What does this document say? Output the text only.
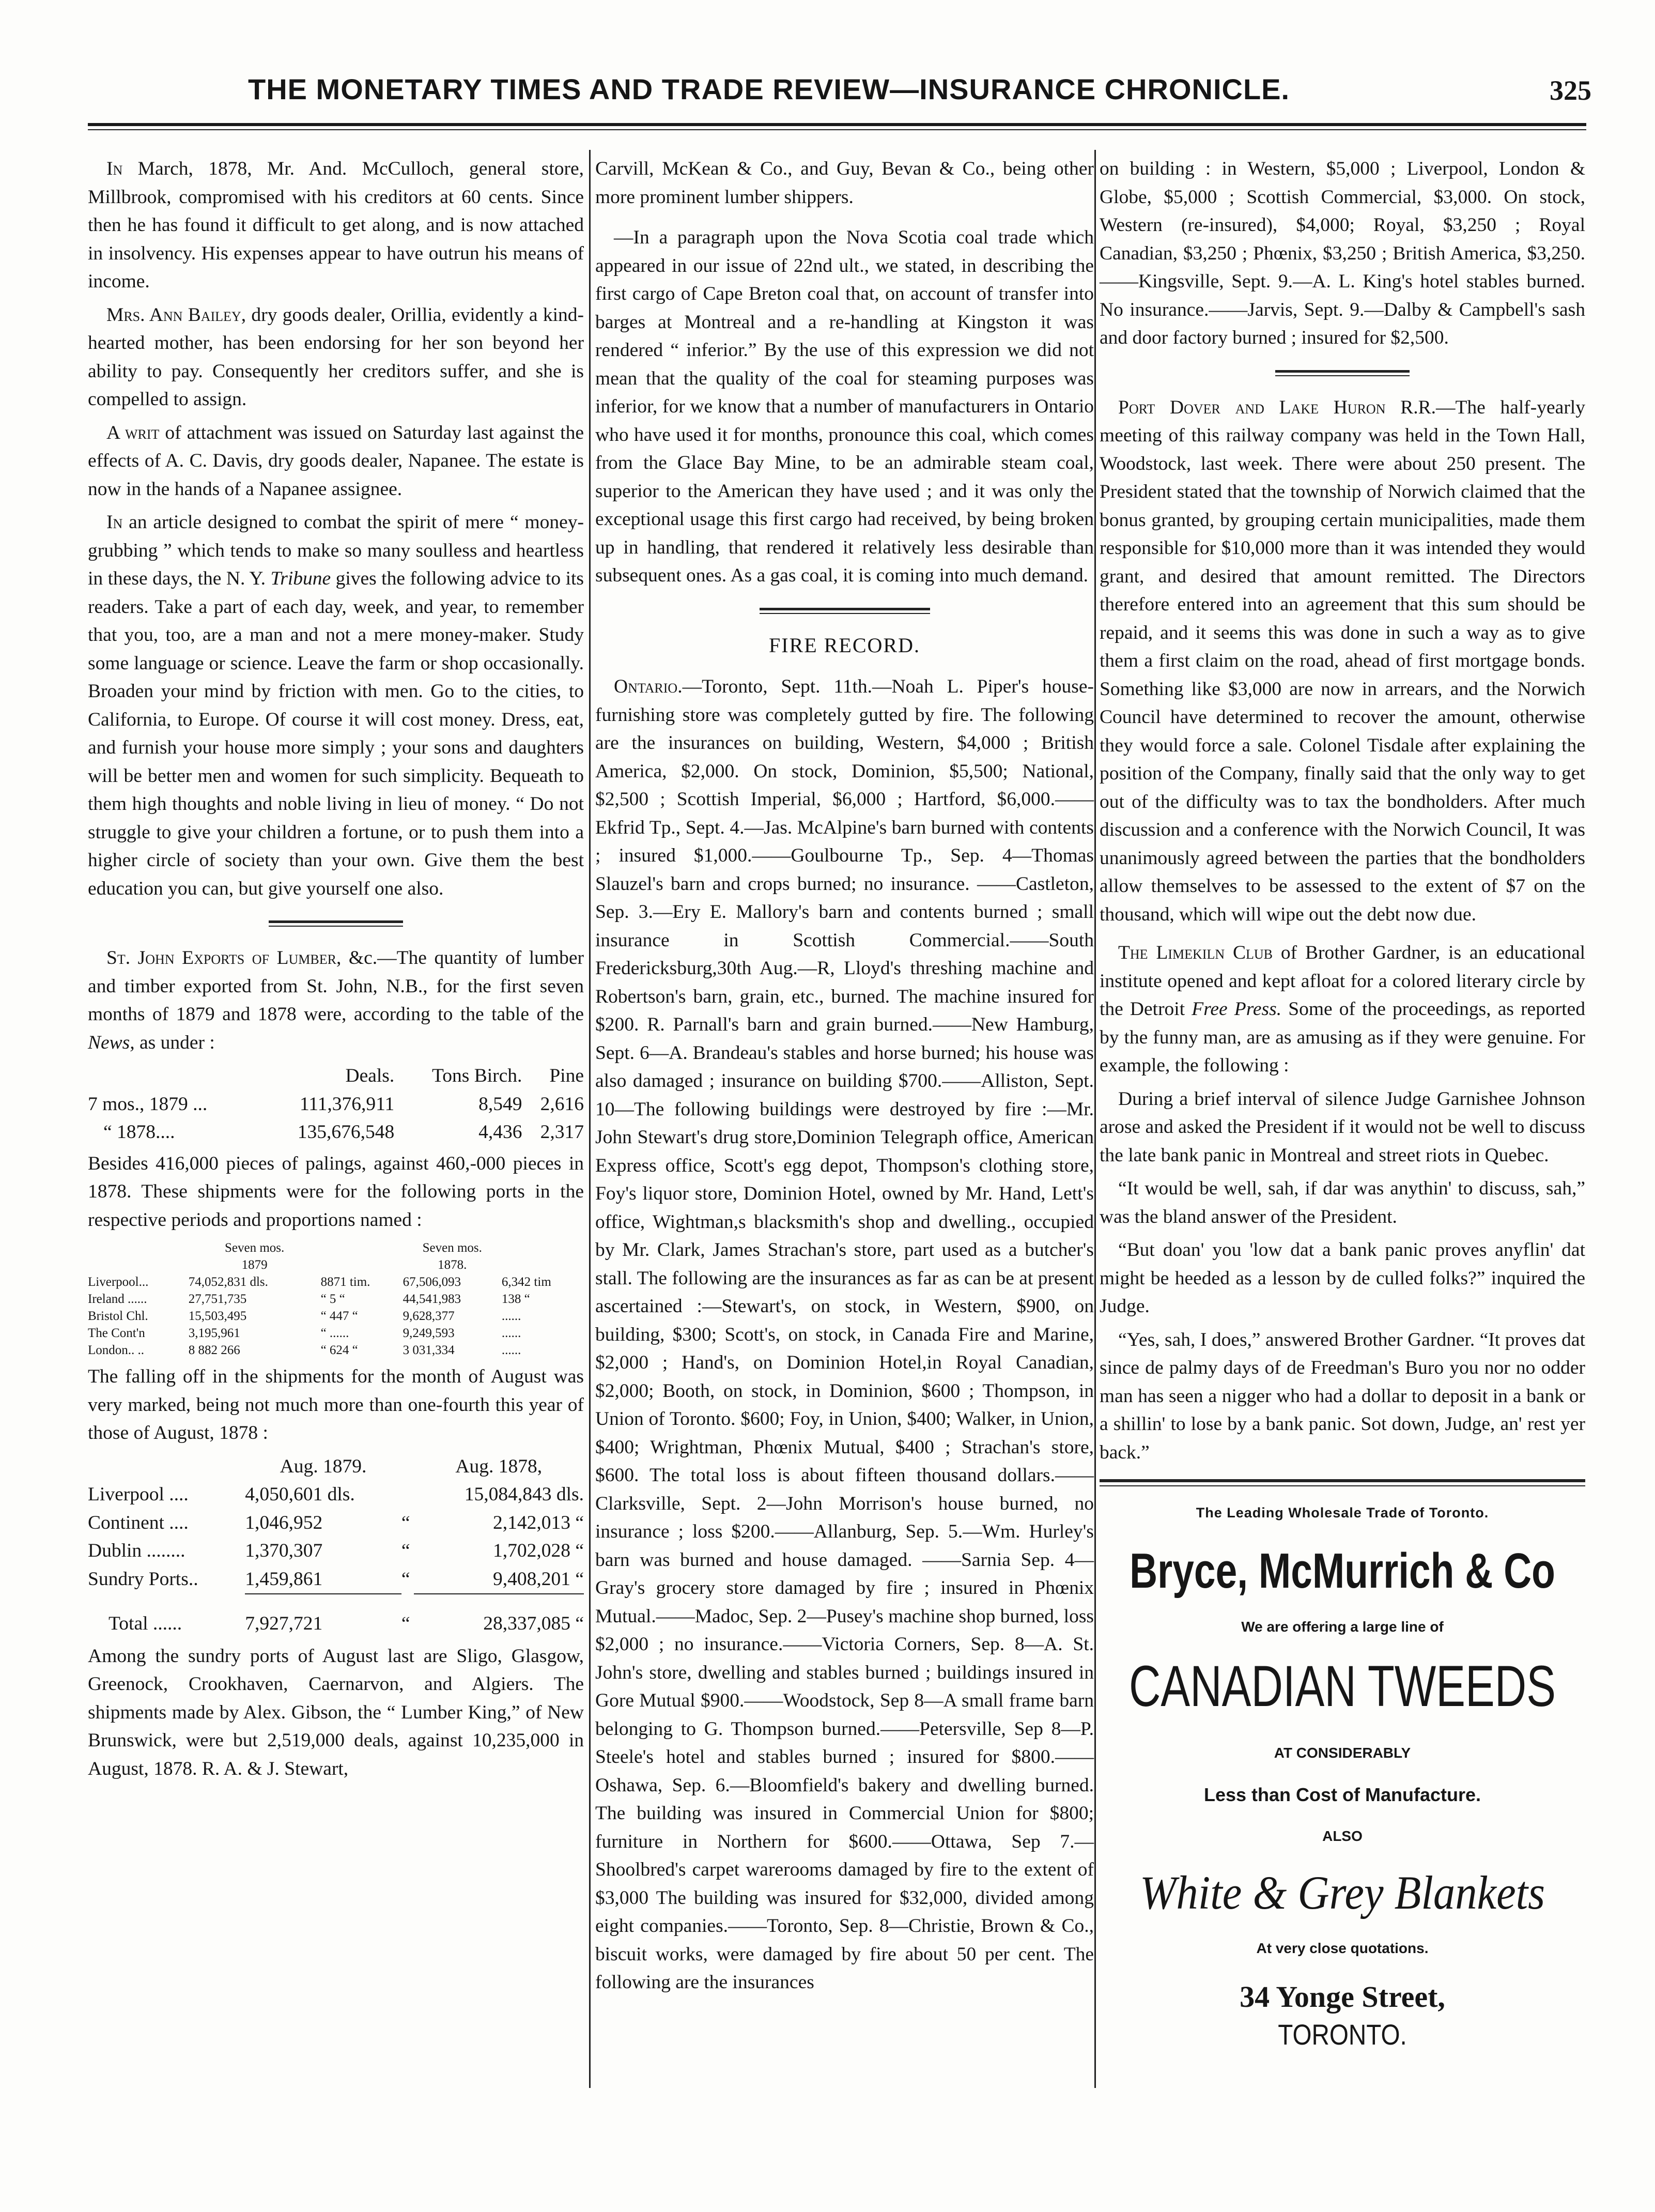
THE MONETARY TIMES AND TRADE REVIEW—INSURANCE CHRONICLE.	325

In March, 1878, Mr. And. McCulloch, general store, Millbrook, compromised with his creditors at 60 cents. Since then he has found it difficult to get along, and is now attached in insolvency. His expenses appear to have outrun his means of income.

Mrs. Ann Bailey, dry goods dealer, Orillia, evidently a kind-hearted mother, has been endorsing for her son beyond her ability to pay. Consequently her creditors suffer, and she is compelled to assign.

A writ of attachment was issued on Saturday last against the effects of A. C. Davis, dry goods dealer, Napanee. The estate is now in the hands of a Napanee assignee.

In an article designed to combat the spirit of mere “ money-grubbing ” which tends to make so many soulless and heartless in these days, the N. Y. Tribune gives the following advice to its readers. Take a part of each day, week, and year, to remember that you, too, are a man and not a mere money-maker. Study some language or science. Leave the farm or shop occasionally. Broaden your mind by friction with men. Go to the cities, to California, to Europe. Of course it will cost money. Dress, eat, and furnish your house more simply ; your sons and daughters will be better men and women for such simplicity. Bequeath to them high thoughts and noble living in lieu of money. “ Do not struggle to give your children a fortune, or to push them into a higher circle of society than your own. Give them the best education you can, but give yourself one also.

St. John Exports of Lumber, &c.—The quantity of lumber and timber exported from St. John, N.B., for the first seven months of 1879 and 1878 were, according to the table of the News, as under :

	Deals.	Tons Birch.	Pine
7 mos., 1879 ...	111,376,911	8,549	2,616
“ 1878....	135,676,548	4,436	2,317

Besides 416,000 pieces of palings, against 460,-000 pieces in 1878. These shipments were for the following ports in the respective periods and proportions named :

	Seven mos.		Seven mos.	
	1879		1878.	
Liverpool...	74,052,831 dls.	8871 tim.	67,506,093	6,342 tim
Ireland ......	27,751,735	“ 5 “	44,541,983	138 “
Bristol Chl.	15,503,495	“ 447 “	9,628,377	......
The Cont'n	3,195,961	“ ......	9,249,593	......
London.. ..	8 882 266	“ 624 “	3 031,334	......

The falling off in the shipments for the month of August was very marked, being not much more than one-fourth this year of those of August, 1878 :

	Aug. 1879.		Aug. 1878,
Liverpool ....	4,050,601 dls.		15,084,843 dls.
Continent ....	1,046,952	“	2,142,013 “
Dublin ........	1,370,307	“	1,702,028 “
Sundry Ports..	1,459,861	“	9,408,201 “
Total ......	7,927,721	“	28,337,085 “

Among the sundry ports of August last are Sligo, Glasgow, Greenock, Crookhaven, Caernarvon, and Algiers. The shipments made by Alex. Gibson, the “ Lumber King,” of New Brunswick, were but 2,519,000 deals, against 10,235,000 in August, 1878. R. A. & J. Stewart,

Carvill, McKean & Co., and Guy, Bevan & Co., being other more prominent lumber shippers.

—In a paragraph upon the Nova Scotia coal trade which appeared in our issue of 22nd ult., we stated, in describing the first cargo of Cape Breton coal that, on account of transfer into barges at Montreal and a re-handling at Kingston it was rendered “ inferior.” By the use of this expression we did not mean that the quality of the coal for steaming purposes was inferior, for we know that a number of manufacturers in Ontario who have used it for months, pronounce this coal, which comes from the Glace Bay Mine, to be an admirable steam coal, superior to the American they have used ; and it was only the exceptional usage this first cargo had received, by being broken up in handling, that rendered it relatively less desirable than subsequent ones. As a gas coal, it is coming into much demand.

FIRE RECORD.

Ontario.—Toronto, Sept. 11th.—Noah L. Piper's house-furnishing store was completely gutted by fire. The following are the insurances on building, Western, $4,000 ; British America, $2,000. On stock, Dominion, $5,500; National, $2,500 ; Scottish Imperial, $6,000 ; Hartford, $6,000.——Ekfrid Tp., Sept. 4.—Jas. McAlpine's barn burned with contents ; insured $1,000.——Goulbourne Tp., Sep. 4—Thomas Slauzel's barn and crops burned; no insurance. ——Castleton, Sep. 3.—Ery E. Mallory's barn and contents burned ; small insurance in Scottish Commercial.——South Fredericksburg,30th Aug.—R, Lloyd's threshing machine and Robertson's barn, grain, etc., burned. The machine insured for $200. R. Parnall's barn and grain burned.——New Hamburg, Sept. 6—A. Brandeau's stables and horse burned; his house was also damaged ; insurance on building $700.——Alliston, Sept. 10—The following buildings were destroyed by fire :—Mr. John Stewart's drug store,Dominion Telegraph office, American Express office, Scott's egg depot, Thompson's clothing store, Foy's liquor store, Dominion Hotel, owned by Mr. Hand, Lett's office, Wightman,s blacksmith's shop and dwelling., occupied by Mr. Clark, James Strachan's store, part used as a butcher's stall. The following are the insurances as far as can be at present ascertained :—Stewart's, on stock, in Western, $900, on building, $300; Scott's, on stock, in Canada Fire and Marine, $2,000 ; Hand's, on Dominion Hotel,in Royal Canadian, $2,000; Booth, on stock, in Dominion, $600 ; Thompson, in Union of Toronto. $600; Foy, in Union, $400; Walker, in Union, $400; Wrightman, Phœnix Mutual, $400 ; Strachan's store, $600. The total loss is about fifteen thousand dollars.——Clarksville, Sept. 2—John Morrison's house burned, no insurance ; loss $200.——Allanburg, Sep. 5.—Wm. Hurley's barn was burned and house damaged. ——Sarnia Sep. 4—Gray's grocery store damaged by fire ; insured in Phœnix Mutual.——Madoc, Sep. 2—Pusey's machine shop burned, loss $2,000 ; no insurance.——Victoria Corners, Sep. 8—A. St. John's store, dwelling and stables burned ; buildings insured in Gore Mutual $900.——Woodstock, Sep 8—A small frame barn belonging to G. Thompson burned.——Petersville, Sep 8—P. Steele's hotel and stables burned ; insured for $800.——Oshawa, Sep. 6.—Bloomfield's bakery and dwelling burned. The building was insured in Commercial Union for $800; furniture in Northern for $600.——Ottawa, Sep 7.—Shoolbred's carpet warerooms damaged by fire to the extent of $3,000 The building was insured for $32,000, divided among eight companies.——Toronto, Sep. 8—Christie, Brown & Co., biscuit works, were damaged by fire about 50 per cent. The following are the insurances

on building : in Western, $5,000 ; Liverpool, London & Globe, $5,000 ; Scottish Commercial, $3,000. On stock, Western (re-insured), $4,000; Royal, $3,250 ; Royal Canadian, $3,250 ; Phœnix, $3,250 ; British America, $3,250.——Kingsville, Sept. 9.—A. L. King's hotel stables burned. No insurance.——Jarvis, Sept. 9.—Dalby & Campbell's sash and door factory burned ; insured for $2,500.

Port Dover and Lake Huron R.R.—The half-yearly meeting of this railway company was held in the Town Hall, Woodstock, last week. There were about 250 present. The President stated that the township of Norwich claimed that the bonus granted, by grouping certain municipalities, made them responsible for $10,000 more than it was intended they would grant, and desired that amount remitted. The Directors therefore entered into an agreement that this sum should be repaid, and it seems this was done in such a way as to give them a first claim on the road, ahead of first mortgage bonds. Something like $3,000 are now in arrears, and the Norwich Council have determined to recover the amount, otherwise they would force a sale. Colonel Tisdale after explaining the position of the Company, finally said that the only way to get out of the difficulty was to tax the bondholders. After much discussion and a conference with the Norwich Council, It was unanimously agreed between the parties that the bondholders allow themselves to be assessed to the extent of $7 on the thousand, which will wipe out the debt now due.

The Limekiln Club of Brother Gardner, is an educational institute opened and kept afloat for a colored literary circle by the Detroit Free Press. Some of the proceedings, as reported by the funny man, are as amusing as if they were genuine. For example, the following :

During a brief interval of silence Judge Garnishee Johnson arose and asked the President if it would not be well to discuss the late bank panic in Montreal and street riots in Quebec.

“It would be well, sah, if dar was anythin' to discuss, sah,” was the bland answer of the President.

“But doan' you 'low dat a bank panic proves anyflin' dat might be heeded as a lesson by de culled folks?” inquired the Judge.

“Yes, sah, I does,” answered Brother Gardner. “It proves dat since de palmy days of de Freedman's Buro you nor no odder man has seen a nigger who had a dollar to deposit in a bank or a shillin' to lose by a bank panic. Sot down, Judge, an' rest yer back.”

The Leading Wholesale Trade of Toronto.
Bryce, McMurrich & Co
We are offering a large line of
CANADIAN TWEEDS
AT CONSIDERABLY
Less than Cost of Manufacture.
ALSO
White & Grey Blankets
At very close quotations.
34 Yonge Street,
TORONTO.
